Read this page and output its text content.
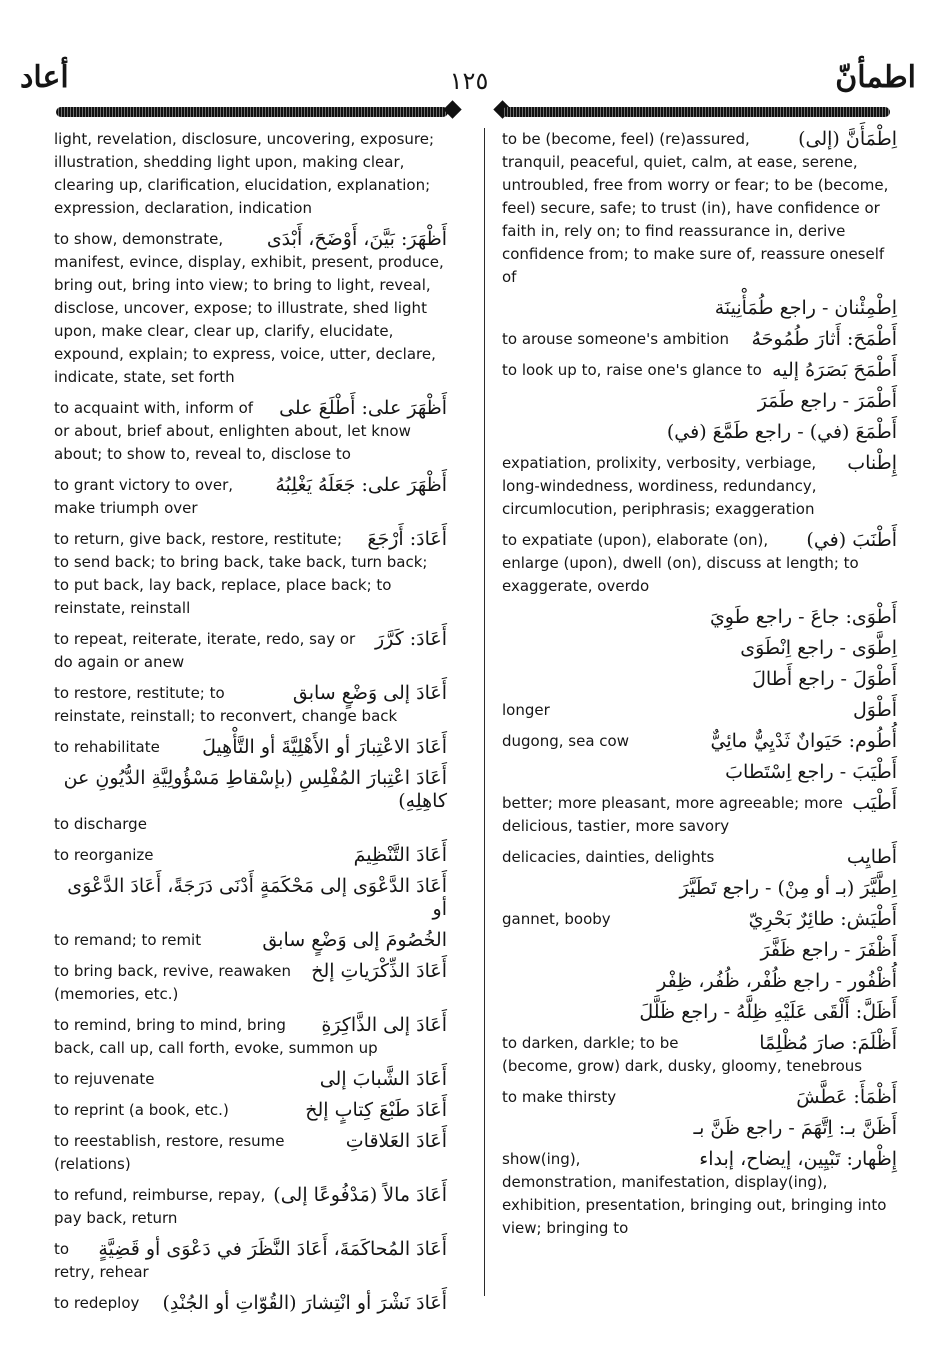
أعاد	١٢٥	اطمأنّ
light, revelation, disclosure, uncovering, exposure; illustration, shedding light upon, making clear, clearing up, clarification, elucidation, explanation; expression, declaration, indication
أَظْهَرَ: بَيَّنَ، أَوْضَحَ، أَبْدَى
to show, demonstrate, manifest, evince, display, exhibit, present, produce, bring out, bring into view; to bring to light, reveal, disclose, uncover, expose; to illustrate, shed light upon, make clear, clear up, clarify, elucidate, expound, explain; to express, voice, utter, declare, indicate, state, set forth
أَظْهَرَ على: أَطْلَعَ على
to acquaint with, inform of or about, brief about, enlighten about, let know about; to show to, reveal to, disclose to
أَظْهَرَ على: جَعَلَهُ يَغْلِبُهُ
to grant victory to over, make triumph over
أَعَادَ: أَرْجَعَ
to return, give back, restore, restitute; to send back; to bring back, take back, turn back; to put back, lay back, replace, place back; to reinstate, reinstall
أَعَادَ: كَرَّرَ
to repeat, reiterate, iterate, redo, say or do again or anew
أَعَادَ إلى وَضْعٍ سابق
to restore, restitute; to reinstate, reinstall; to reconvert, change back
أَعَادَ الاعْتِبارَ أو الأَهْلِيَّةَ أو التَّأْهِيلَ
to rehabilitate
أَعَادَ اعْتِبارَ المُفْلِسِ (بإسْقاطِ مَسْؤُولِيَّةِ الدُّيُونِ عن كاهِلِهِ)
to discharge
أَعَادَ التَّنْظِيمَ
to reorganize
أَعَادَ الدَّعْوَى إلى مَحْكَمَةٍ أَدْنَى دَرَجَةً، أَعَادَ الدَّعْوَى أو
الخُصُومَ إلى وَضْعٍ سابق
to remand; to remit
أَعَادَ الذِّكْرَياتِ إلخ
to bring back, revive, reawaken (memories, etc.)
أَعَادَ إلى الذَّاكِرَةِ
to remind, bring to mind, bring back, call up, call forth, evoke, summon up
أَعَادَ الشَّبابَ إلى
to rejuvenate
أَعَادَ طَبْعَ كِتابٍ إلخ
to reprint (a book, etc.)
أَعَادَ العَلاقاتِ
to reestablish, restore, resume (relations)
أَعَادَ مالاً (مَدْفُوعًا إلى)
to refund, reimburse, repay, pay back, return
أَعَادَ المُحاكَمَةَ، أَعَادَ النَّظَرَ في دَعْوَى أو قَضِيَّةٍ
to retry, rehear
أَعَادَ نَشْرَ أو انْتِشارَ (القُوّاتِ أو الجُنْدِ)
to redeploy
اِطْمَأَنَّ (إلى)
to be (become, feel) (re)assured, tranquil, peaceful, quiet, calm, at ease, serene, untroubled, free from worry or fear; to be (become, feel) secure, safe; to trust (in), have confidence or faith in, rely on; to find reassurance in, derive confidence from; to make sure of, reassure oneself of
اِطْمِئْنان - راجع طُمَأْنِينَة
أَطْمَحَ: أَثارَ طُمُوحَهُ
to arouse someone's ambition
أَطْمَحَ بَصَرَهُ إليه
to look up to, raise one's glance to
أَطْمَرَ - راجع طَمَرَ
أَطْمَعَ (في) - راجع طَمَّعَ (في)
إِطْناب
expatiation, prolixity, verbosity, verbiage, long-windedness, wordiness, redundancy, circumlocution, periphrasis; exaggeration
أَطْنَبَ (في)
to expatiate (upon), elaborate (on), enlarge (upon), dwell (on), discuss at length; to exaggerate, overdo
أَطْوَى: جاعَ - راجع طَوِيَ
اِطَّوَى - راجع اِنْطَوَى
أَطْوَلَ - راجع أَطالَ
أَطْوَل
longer
أُطُوم: حَيَوانٌ ثَدْيِيٌّ مائِيٌّ
dugong, sea cow
أَطْيَبَ - راجع اِسْتَطابَ
أَطْيَب
better; more pleasant, more agreeable; more delicious, tastier, more savory
أَطايِب
delicacies, dainties, delights
اِطَّيَّرَ (بـ أو مِنْ) - راجع تَطَيَّرَ
أَطْيَش: طائِرٌ بَحْرِيّ
gannet, booby
أَظْفَرَ - راجع ظَفَّرَ
أُظْفُور - راجع ظُفْر، ظُفُر، ظِفْر
أَظَلَّ: أَلْقَى عَلَيْهِ ظِلَّهُ - راجع ظَلَّلَ
أَظْلَمَ: صارَ مُظْلِمًا
to darken, darkle; to be (become, grow) dark, dusky, gloomy, tenebrous
أَظْمَأَ: عَطَّشَ
to make thirsty
أَظَنَّ بـ: اِتَّهَمَ - راجع ظَنَّ بـ
إِظْهار: تَبْيِين، إيضاح، إبداء
show(ing), demonstration, manifestation, display(ing), exhibition, presentation, bringing out, bringing into view; bringing to
